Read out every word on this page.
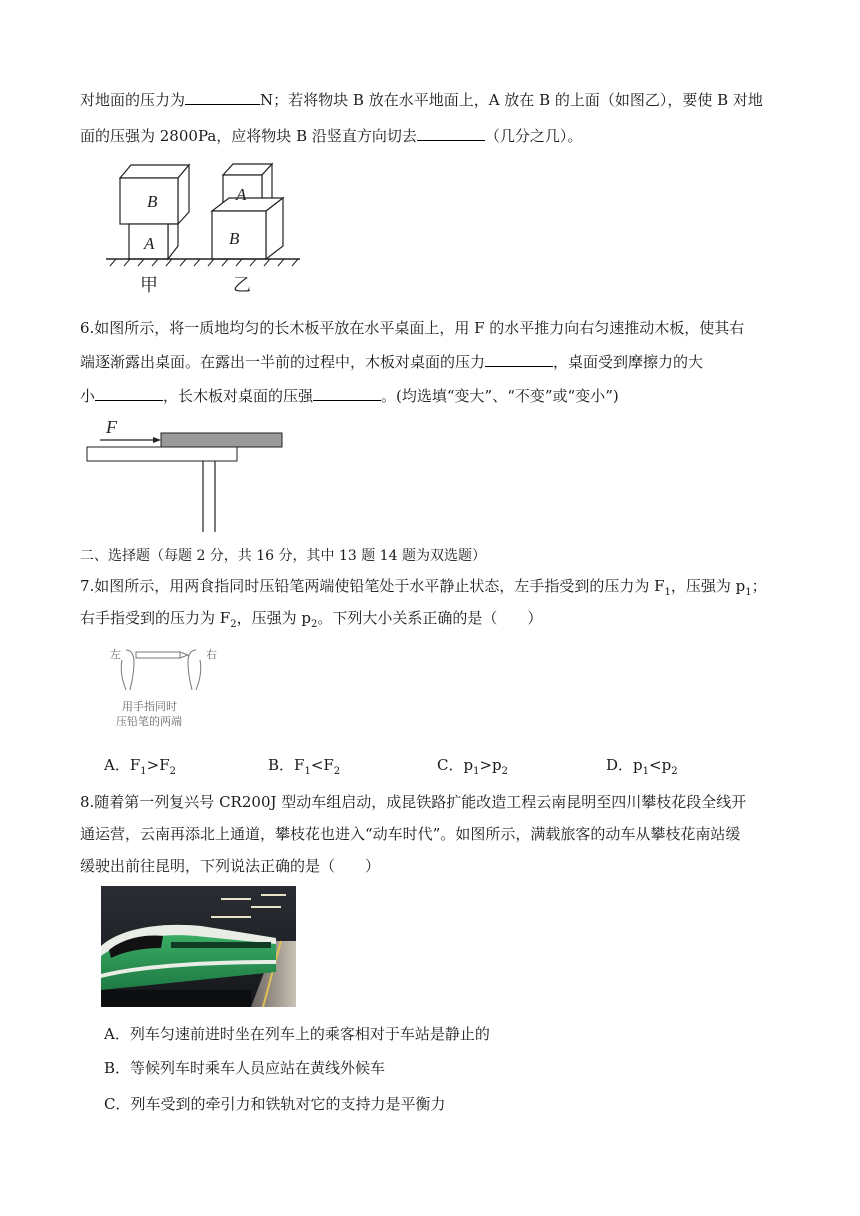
对地面的压力为	N；若将物块 B 放在水平地面上，A 放在 B 的上面（如图乙），要使 B 对地
面的压强为 2800Pa，应将物块 B 沿竖直方向切去	（几分之几）。
B
A
A
B
甲	乙
6.如图所示，将一质地均匀的长木板平放在水平桌面上，用 F 的水平推力向右匀速推动木板，使其右
端逐渐露出桌面。在露出一半前的过程中，木板对桌面的压力	，桌面受到摩擦力的大
小	，长木板对桌面的压强	。(均选填“变大”、“不变”或“变小”)
F
二、选择题（每题 2 分，共 16 分，其中 13 题 14 题为双选题）
7.如图所示，用两食指同时压铅笔两端使铅笔处于水平静止状态，左手指受到的压力为 $F_1$，压强为 $p_1$；
右手指受到的压力为 $F_2$，压强为 $p_2$。下列大小关系正确的是（　　）
左	右
用手指同时
压铅笔的两端
A．$F_1>F_2$	B．$F_1<F_2$	C．$p_1>p_2$	D．$p_1<p_2$
8.随着第一列复兴号 CR200J 型动车组启动，成昆铁路扩能改造工程云南昆明至四川攀枝花段全线开
通运营，云南再添北上通道，攀枝花也进入“动车时代”。如图所示，满载旅客的动车从攀枝花南站缓
缓驶出前往昆明，下列说法正确的是（　　）
A．列车匀速前进时坐在列车上的乘客相对于车站是静止的
B．等候列车时乘车人员应站在黄线外候车
C．列车受到的牵引力和铁轨对它的支持力是平衡力
